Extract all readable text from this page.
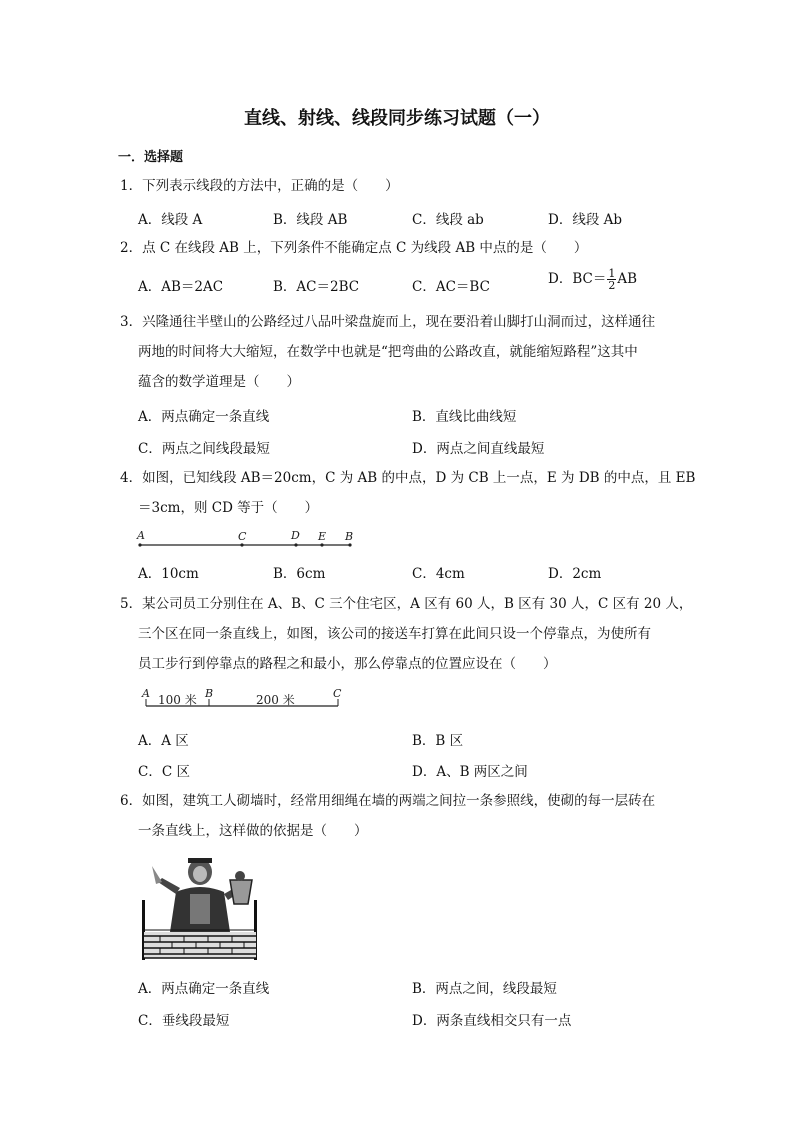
直线、射线、线段同步练习试题（一）
一．选择题
1．下列表示线段的方法中，正确的是（　　）
A．线段 A	B．线段 AB	C．线段 ab	D．线段 Ab
2．点 C 在线段 AB 上，下列条件不能确定点 C 为线段 AB 中点的是（　　）
A．AB＝2AC	B．AC＝2BC	C．AC＝BC	D．$BC= \frac{1}{2}$ AB
3．兴隆通往半壁山的公路经过八品叶梁盘旋而上，现在要沿着山脚打山洞而过，这样通往
两地的时间将大大缩短，在数学中也就是“把弯曲的公路改直，就能缩短路程”这其中
蕴含的数学道理是（　　）
A．两点确定一条直线	B．直线比曲线短
C．两点之间线段最短	D．两点之间直线最短
4．如图，已知线段 AB＝20cm，C 为 AB 的中点，D 为 CB 上一点，E 为 DB 的中点，且 EB
＝3cm，则 CD 等于（　　）
A	C	D E B
A．10cm	B．6cm	C．4cm	D．2cm
5．某公司员工分别住在 A、B、C 三个住宅区，A 区有 60 人，B 区有 30 人，C 区有 20 人，
三个区在同一条直线上，如图，该公司的接送车打算在此间只设一个停靠点，为使所有
员工步行到停靠点的路程之和最小，那么停靠点的位置应设在（　　）
A	B	C
100 米	200 米
A．A 区	B．B 区
C．C 区	D．A、B 两区之间
6．如图，建筑工人砌墙时，经常用细绳在墙的两端之间拉一条参照线，使砌的每一层砖在
一条直线上，这样做的依据是（　　）
A．两点确定一条直线	B．两点之间，线段最短
C．垂线段最短	D．两条直线相交只有一点
